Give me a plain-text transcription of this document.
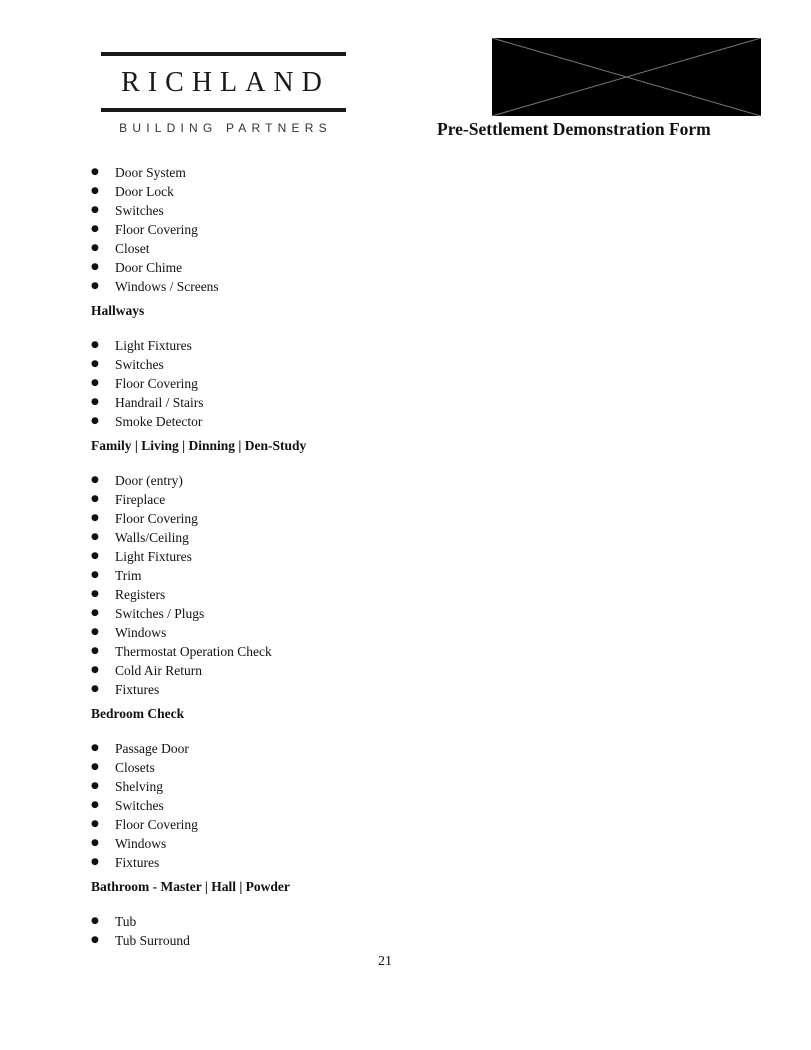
RICHLAND
BUILDING PARTNERS	Pre-Settlement Demonstration Form
● Door System
● Door Lock
● Switches
● Floor Covering
● Closet
● Door Chime
● Windows / Screens
Hallways
● Light Fixtures
● Switches
● Floor Covering
● Handrail / Stairs
● Smoke Detector
Family | Living | Dinning | Den-Study
● Door (entry)
● Fireplace
● Floor Covering
● Walls/Ceiling
● Light Fixtures
● Trim
● Registers
● Switches / Plugs
● Windows
● Thermostat Operation Check
● Cold Air Return
● Fixtures
Bedroom Check
● Passage Door
● Closets
● Shelving
● Switches
● Floor Covering
● Windows
● Fixtures
Bathroom - Master | Hall | Powder
● Tub
● Tub Surround
21
